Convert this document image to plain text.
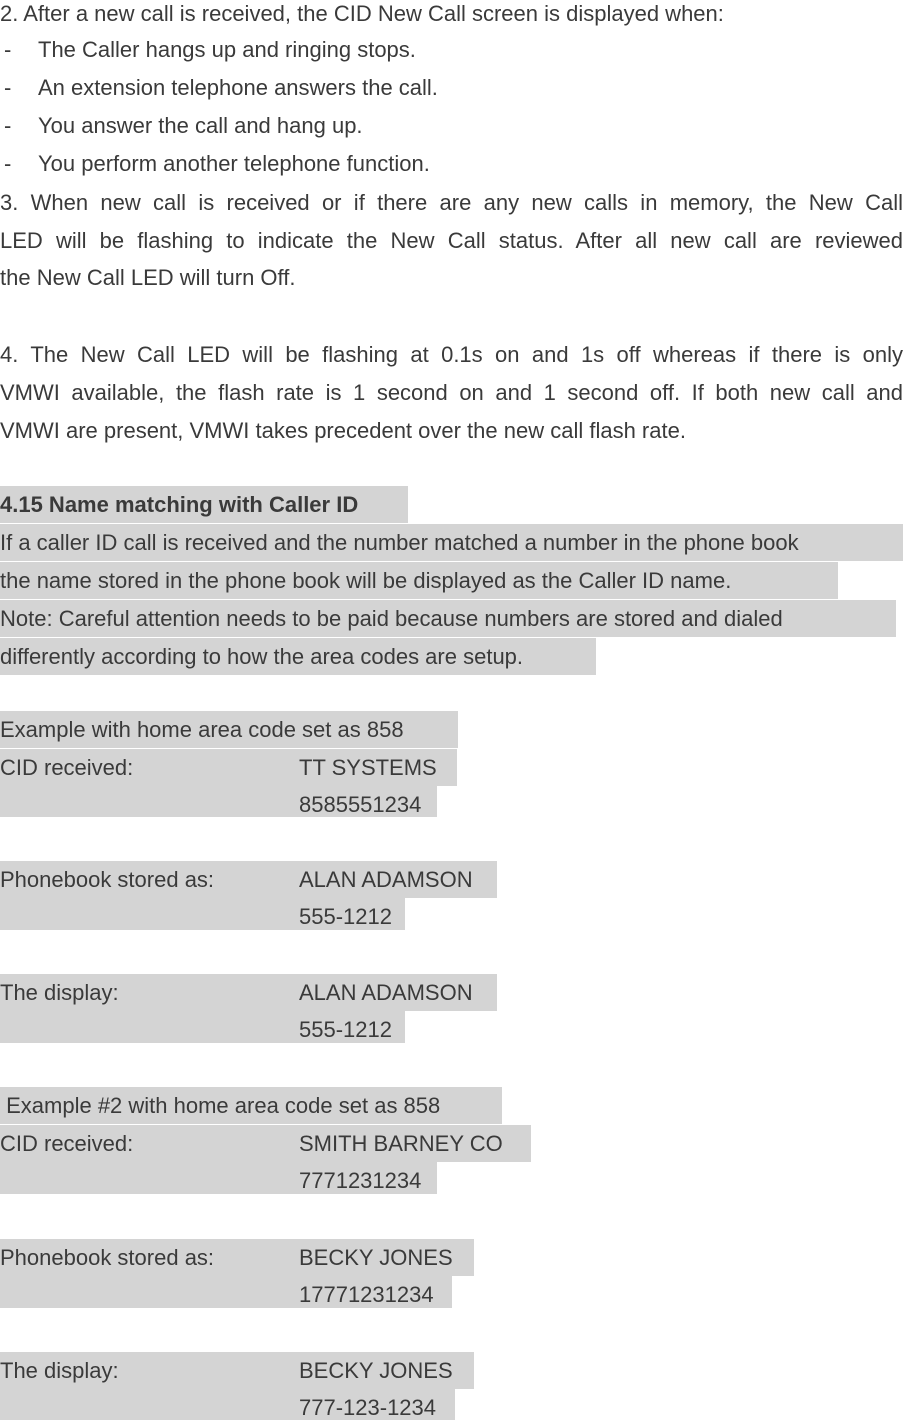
2. After a new call is received, the CID New Call screen is displayed when:
- The Caller hangs up and ringing stops.
- An extension telephone answers the call.
- You answer the call and hang up.
- You perform another telephone function.
3. When new call is received or if there are any new calls in memory, the New Call
LED will be flashing to indicate the New Call status. After all new call are reviewed
the New Call LED will turn Off.
4. The New Call LED will be flashing at 0.1s on and 1s off whereas if there is only
VMWI available, the flash rate is 1 second on and 1 second off. If both new call and
VMWI are present, VMWI takes precedent over the new call flash rate.
4.15 Name matching with Caller ID
If a caller ID call is received and the number matched a number in the phone book
the name stored in the phone book will be displayed as the Caller ID name.
Note: Careful attention needs to be paid because numbers are stored and dialed
differently according to how the area codes are setup.
Example with home area code set as 858
CID received:	TT SYSTEMS
8585551234
Phonebook stored as:	ALAN ADAMSON
555-1212
The display:	ALAN ADAMSON
555-1212
Example #2 with home area code set as 858
CID received:	SMITH BARNEY CO
7771231234
Phonebook stored as:	BECKY JONES
17771231234
The display:	BECKY JONES
777-123-1234
